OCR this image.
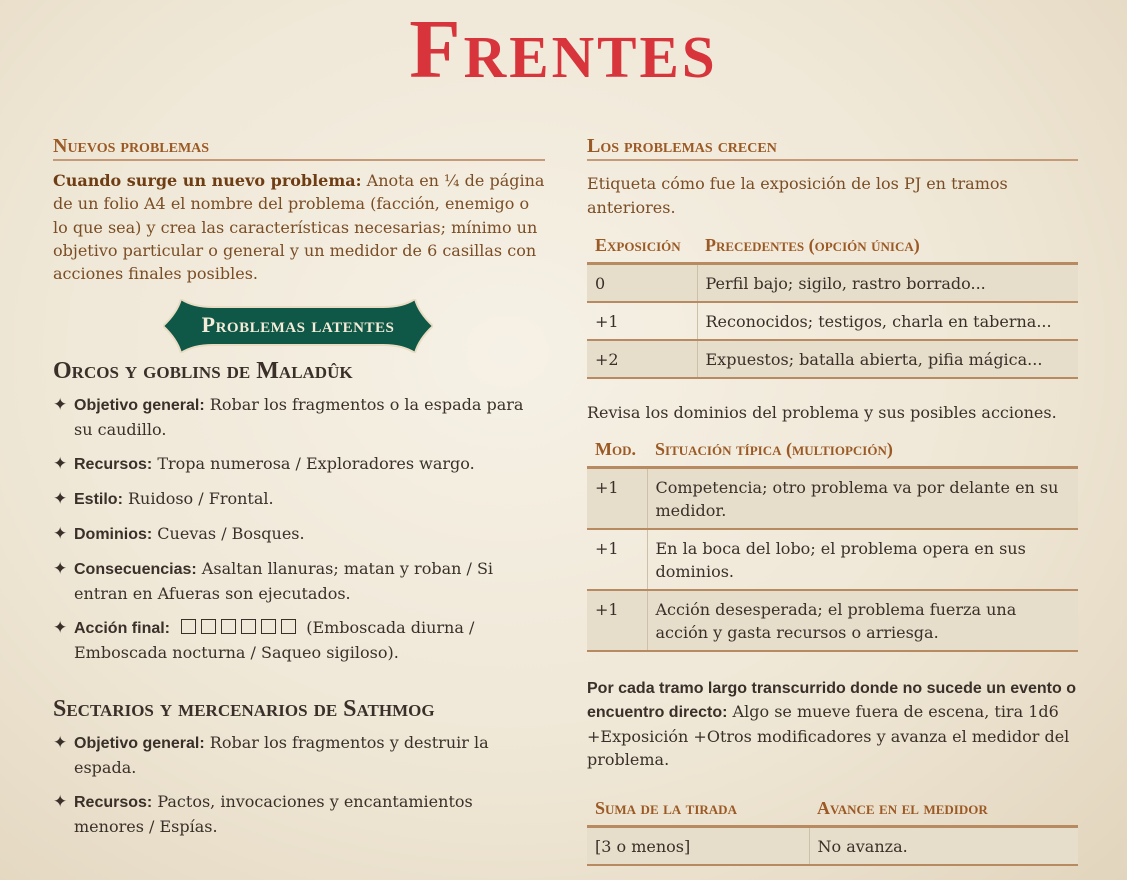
Frentes
Nuevos problemas

Cuando surge un nuevo problema: Anota en ¼ de página de un folio A4 el nombre del problema (facción, enemigo o lo que sea) y crea las características necesarias; mínimo un objetivo particular o general y un medidor de 6 casillas con acciones finales posibles.

Problemas latentes
Orcos y goblins de Maladûk
✦ Objetivo general: Robar los fragmentos o la espada para su caudillo.
✦ Recursos: Tropa numerosa / Exploradores wargo.
✦ Estilo: Ruidoso / Frontal.
✦ Dominios: Cuevas / Bosques.
✦ Consecuencias: Asaltan llanuras; matan y roban / Si entran en Afueras son ejecutados.
✦ Acción final:	(Emboscada diurna / Emboscada nocturna / Saqueo sigiloso).
Sectarios y mercenarios de Sathmog
✦ Objetivo general: Robar los fragmentos y destruir la espada.
✦ Recursos: Pactos, invocaciones y encantamientos menores / Espías.
Los problemas crecen

Etiqueta cómo fue la exposición de los PJ en tramos anteriores.

Exposición	Precedentes (opción única)
0	Perfil bajo; sigilo, rastro borrado...
+1	Reconocidos; testigos, charla en taberna...
+2	Expuestos; batalla abierta, pifia mágica...

Revisa los dominios del problema y sus posibles acciones.

Mod.	Situación típica (multiopción)
+1	Competencia; otro problema va por delante en su medidor.
+1	En la boca del lobo; el problema opera en sus dominios.
+1	Acción desesperada; el problema fuerza una acción y gasta recursos o arriesga.

Por cada tramo largo transcurrido donde no sucede un evento o encuentro directo: Algo se mueve fuera de escena, tira 1d6 +Exposición +Otros modificadores y avanza el medidor del problema.

Suma de la tirada	Avance en el medidor
[3 o menos]	No avanza.
